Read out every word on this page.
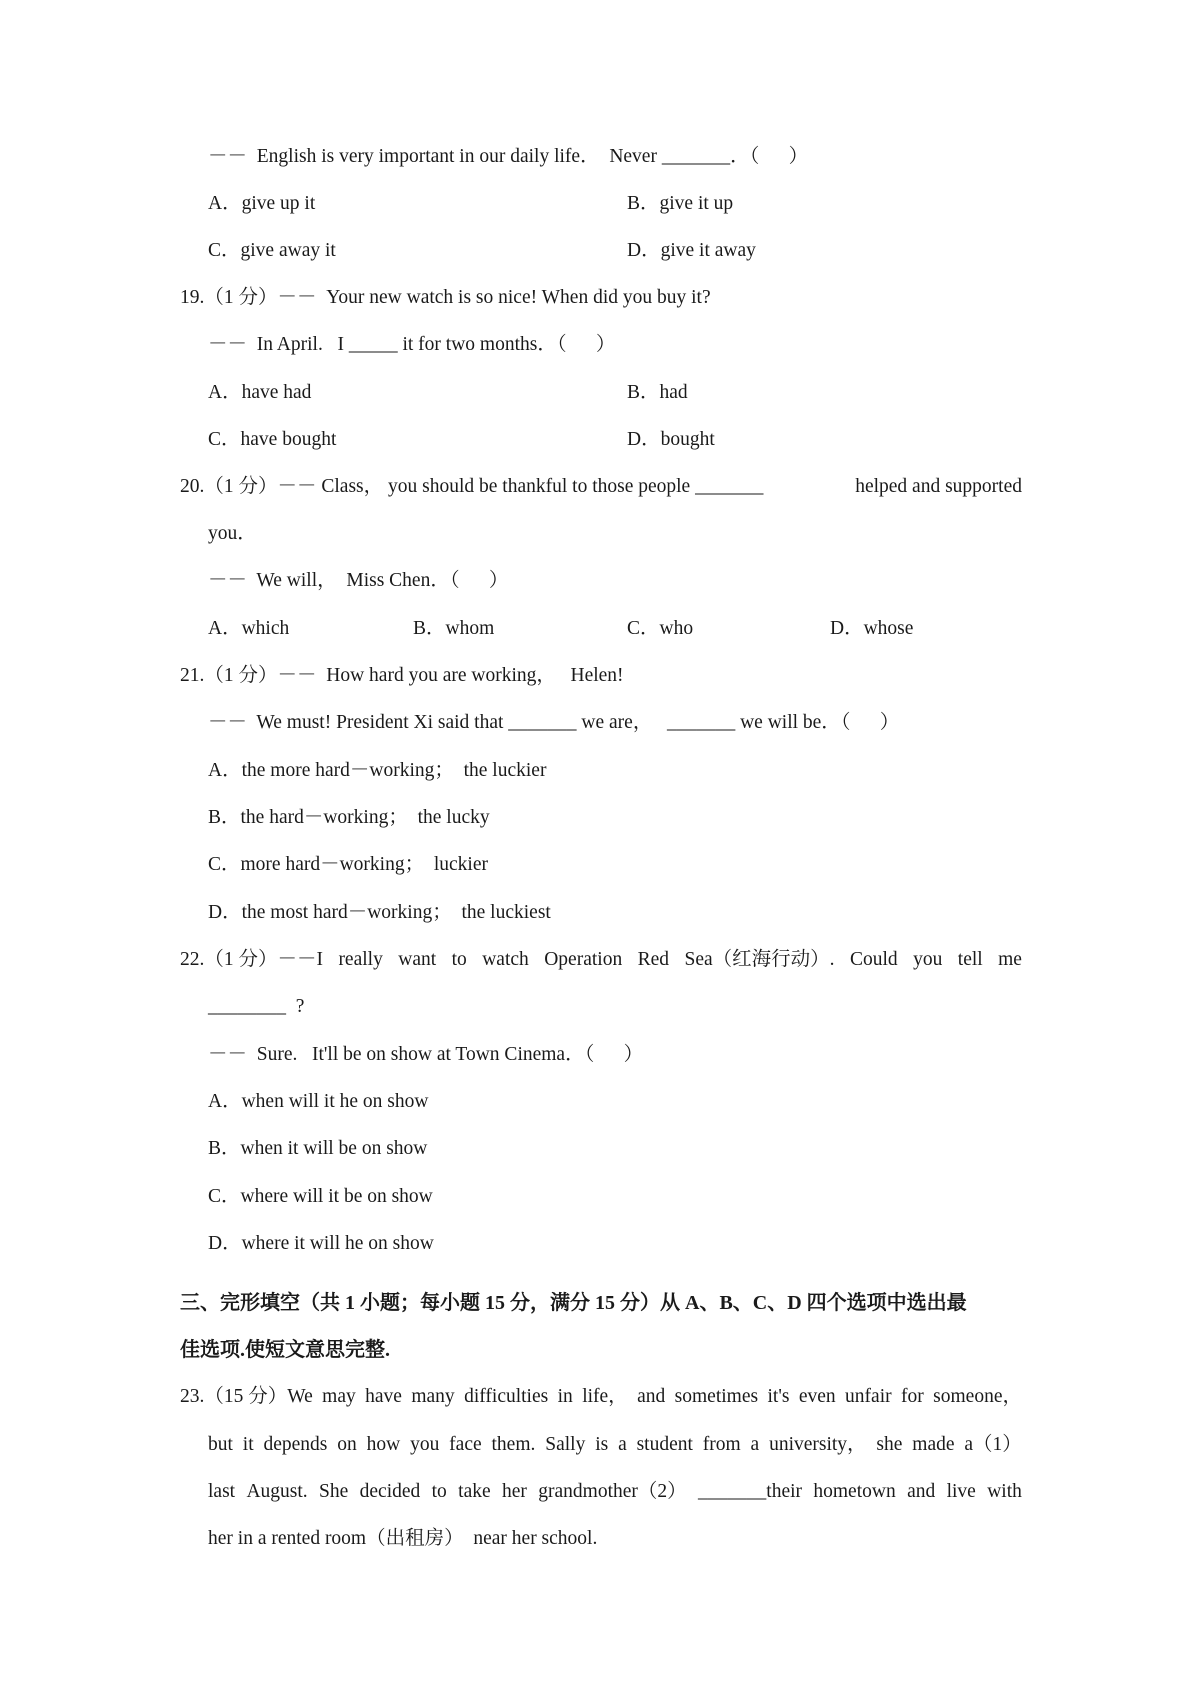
－－  English is very important in our daily life．  Never _______．（      ）
A．give up it	B．give it up
C．give away it	D．give it away
19.（1 分）－－  Your new watch is so nice! When did you buy it?
－－  In April.   I _____ it for two months．（      ）
A．have had	B．had
C．have bought	D．bought
20.（1 分）－－ Class， you should be thankful to those people _______	helped and supported
you．
－－  We will，  Miss Chen．（      ）
A．which	B．whom	C．who	D．whose
21.（1 分）－－  How hard you are working，   Helen!
－－  We must! President Xi said that _______ we are，   _______ we will be．（      ）
A．the more hard－working；  the luckier
B．the hard－working；  the lucky
C．more hard－working；  luckier
D．the most hard－working；  the luckiest
22.（1 分）－－I really want to watch Operation Red Sea（红海行动）. Could you tell me
________  ?
－－  Sure.   It'll be on show at Town Cinema．（      ）
A．when will it he on show
B．when it will be on show
C．where will it be on show
D．where it will he on show
三、完形填空（共 1 小题；每小题 15 分，满分 15 分）从 A、B、C、D 四个选项中选出最
佳选项.使短文意思完整.
23.（15 分）We may have many difficulties in life， and sometimes it's even unfair for someone，
but it depends on how you face them. Sally is a student from a university， she made a（1）
last August. She decided to take her grandmother（2） _______their hometown and live with
her in a rented room（出租房）  near her school.
